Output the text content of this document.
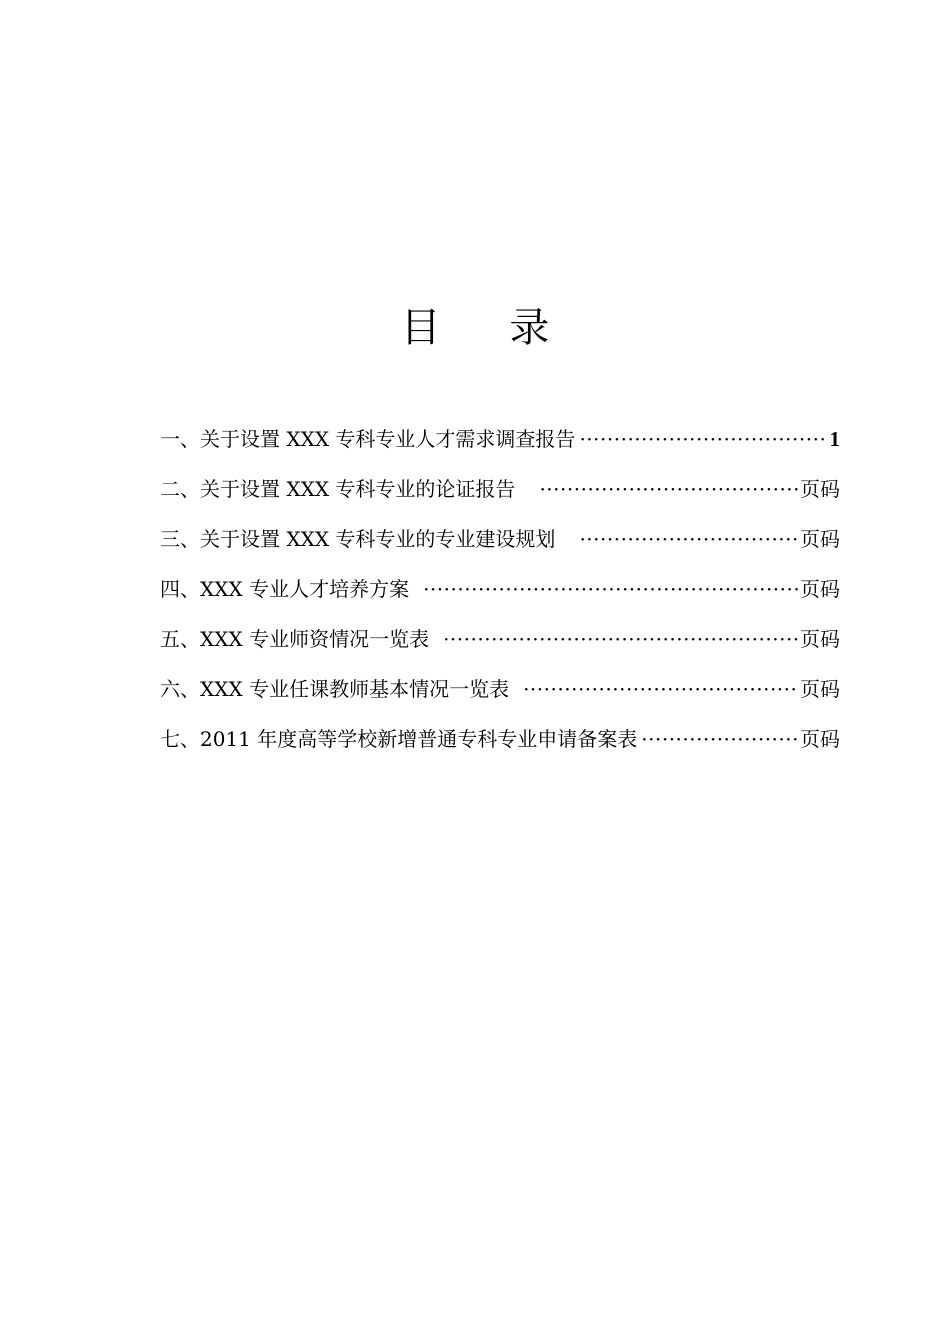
目 录
一、 关于设置 XXX 专科专业人才需求调查报告 ·····	1
二、 关于设置 XXX 专科专业的论证报告 ·····	页码
三、 关于设置 XXX 专科专业的专业建设规划 ·····	页码
四、 XXX 专业人才培养方案 ·····	页码
五、 XXX 专业师资情况一览表 ·····	页码
六、 XXX 专业任课教师基本情况一览表 ·····	页码
七、 2011 年度高等学校新增普通专科专业申请备案表 ·····	页码
